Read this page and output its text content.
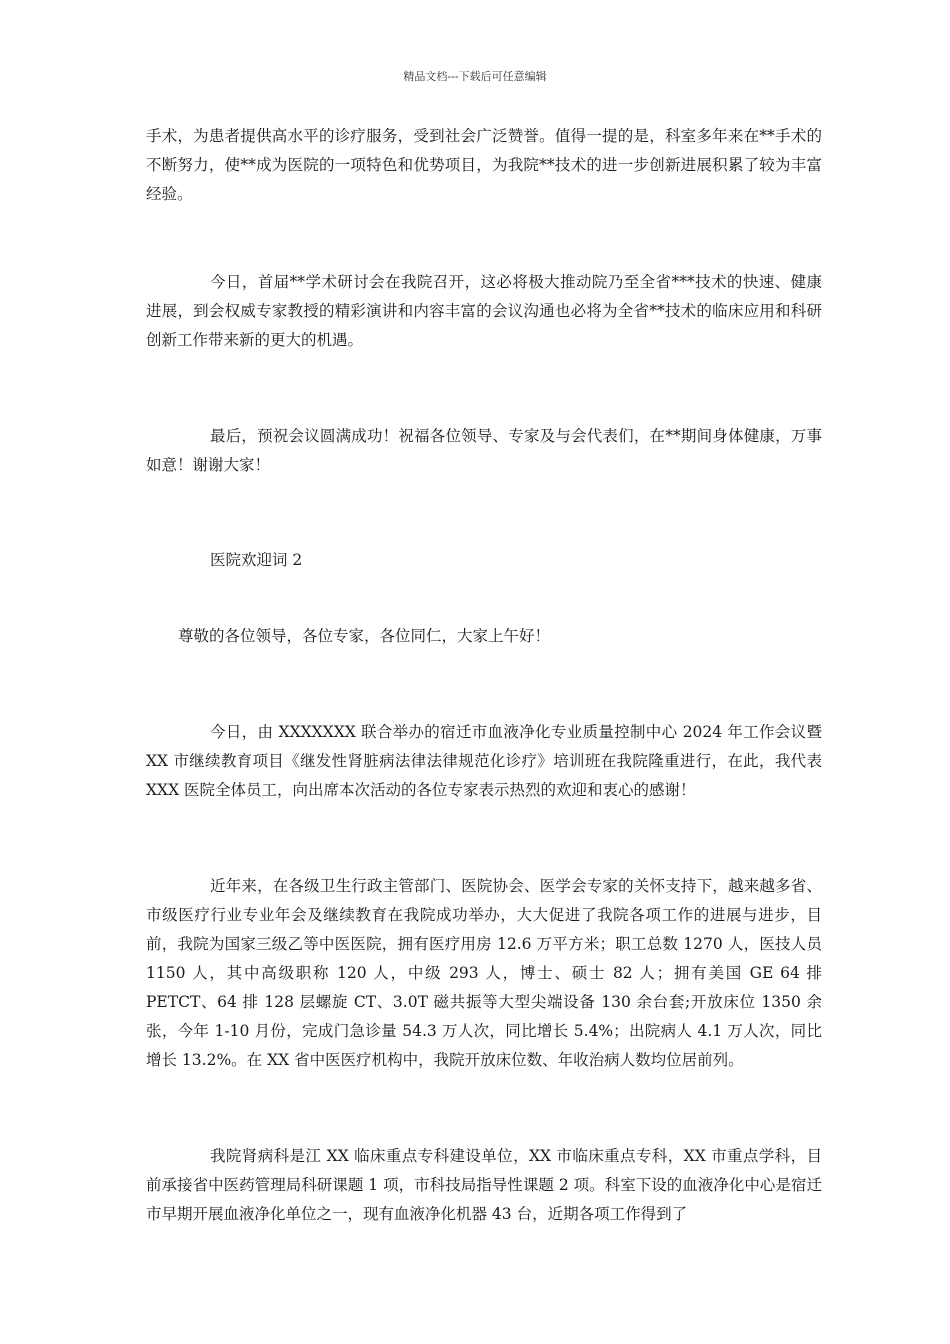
精品文档---下载后可任意编辑

手术，为患者提供高水平的诊疗服务，受到社会广泛赞誉。值得一提的是，科室多年来在**手术的不断努力，使**成为医院的一项特色和优势项目，为我院**技术的进一步创新进展积累了较为丰富经验。

今日，首届**学术研讨会在我院召开，这必将极大推动院乃至全省***技术的快速、健康进展，到会权威专家教授的精彩演讲和内容丰富的会议沟通也必将为全省**技术的临床应用和科研创新工作带来新的更大的机遇。

最后，预祝会议圆满成功！祝福各位领导、专家及与会代表们，在**期间身体健康，万事如意！谢谢大家！

医院欢迎词 2

尊敬的各位领导，各位专家，各位同仁，大家上午好！

今日，由 XXXXXXX 联合举办的宿迁市血液净化专业质量控制中心 2024 年工作会议暨 XX 市继续教育项目《继发性肾脏病法律法律规范化诊疗》培训班在我院隆重进行，在此，我代表 XXX 医院全体员工，向出席本次活动的各位专家表示热烈的欢迎和衷心的感谢！

近年来，在各级卫生行政主管部门、医院协会、医学会专家的关怀支持下，越来越多省、市级医疗行业专业年会及继续教育在我院成功举办，大大促进了我院各项工作的进展与进步，目前，我院为国家三级乙等中医医院，拥有医疗用房 12.6 万平方米；职工总数 1270 人，医技人员 1150 人，其中高级职称 120 人，中级 293 人，博士、硕士 82 人；拥有美国 GE 64 排 PETCT、64 排 128 层螺旋 CT、3.0T 磁共振等大型尖端设备 130 余台套;开放床位 1350 余张，今年 1-10 月份，完成门急诊量 54.3 万人次，同比增长 5.4%；出院病人 4.1 万人次，同比增长 13.2%。在 XX 省中医医疗机构中，我院开放床位数、年收治病人数均位居前列。

我院肾病科是江 XX 临床重点专科建设单位，XX 市临床重点专科，XX 市重点学科，目前承接省中医药管理局科研课题 1 项，市科技局指导性课题 2 项。科室下设的血液净化中心是宿迁市早期开展血液净化单位之一，现有血液净化机器 43 台，近期各项工作得到了
